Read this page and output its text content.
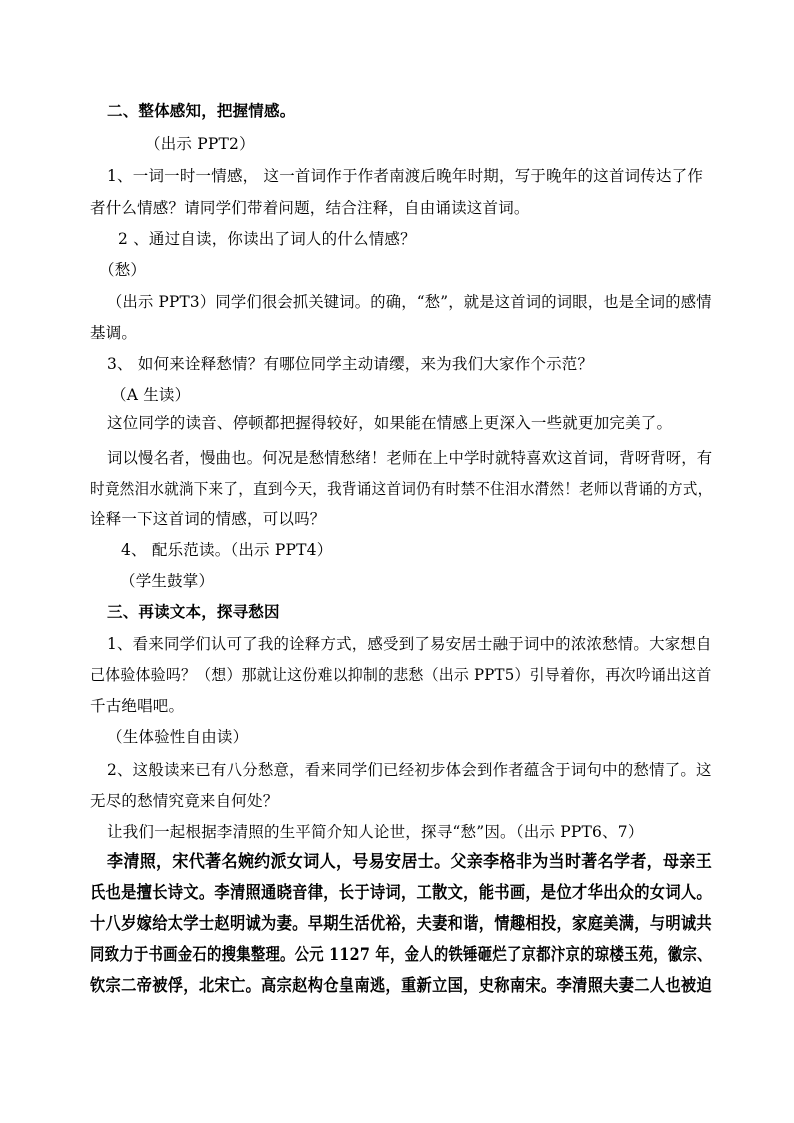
二、整体感知，把握情感。
（出示 PPT2）
1、一词一时一情感， 这一首词作于作者南渡后晚年时期，写于晚年的这首词传达了作
者什么情感？请同学们带着问题，结合注释，自由诵读这首词。
2 、通过自读，你读出了词人的什么情感？
（愁）
（出示 PPT3）同学们很会抓关键词。的确，“愁”，就是这首词的词眼，也是全词的感情
基调。
3、 如何来诠释愁情？有哪位同学主动请缨，来为我们大家作个示范？
（A 生读）
这位同学的读音、停顿都把握得较好，如果能在情感上更深入一些就更加完美了。
词以慢名者，慢曲也。何况是愁情愁绪！老师在上中学时就特喜欢这首词，背呀背呀，有
时竟然泪水就淌下来了，直到今天，我背诵这首词仍有时禁不住泪水潸然！老师以背诵的方式，
诠释一下这首词的情感，可以吗？
4、 配乐范读。（出示 PPT4）
（学生鼓掌）
三、再读文本，探寻愁因
1、看来同学们认可了我的诠释方式，感受到了易安居士融于词中的浓浓愁情。大家想自
己体验体验吗？（想）那就让这份难以抑制的悲愁（出示 PPT5）引导着你，再次吟诵出这首
千古绝唱吧。
（生体验性自由读）
2、这般读来已有八分愁意，看来同学们已经初步体会到作者蕴含于词句中的愁情了。这
无尽的愁情究竟来自何处？
让我们一起根据李清照的生平简介知人论世，探寻“愁”因。（出示 PPT6、7）
李清照，宋代著名婉约派女词人，号易安居士。父亲李格非为当时著名学者，母亲王
氏也是擅长诗文。李清照通晓音律，长于诗词，工散文，能书画，是位才华出众的女词人。
十八岁嫁给太学士赵明诚为妻。早期生活优裕，夫妻和谐，情趣相投，家庭美满，与明诚共
同致力于书画金石的搜集整理。公元 1127 年，金人的铁锤砸烂了京都汴京的琼楼玉苑，徽宗、
钦宗二帝被俘，北宋亡。高宗赵构仓皇南逃，重新立国，史称南宋。李清照夫妻二人也被迫
